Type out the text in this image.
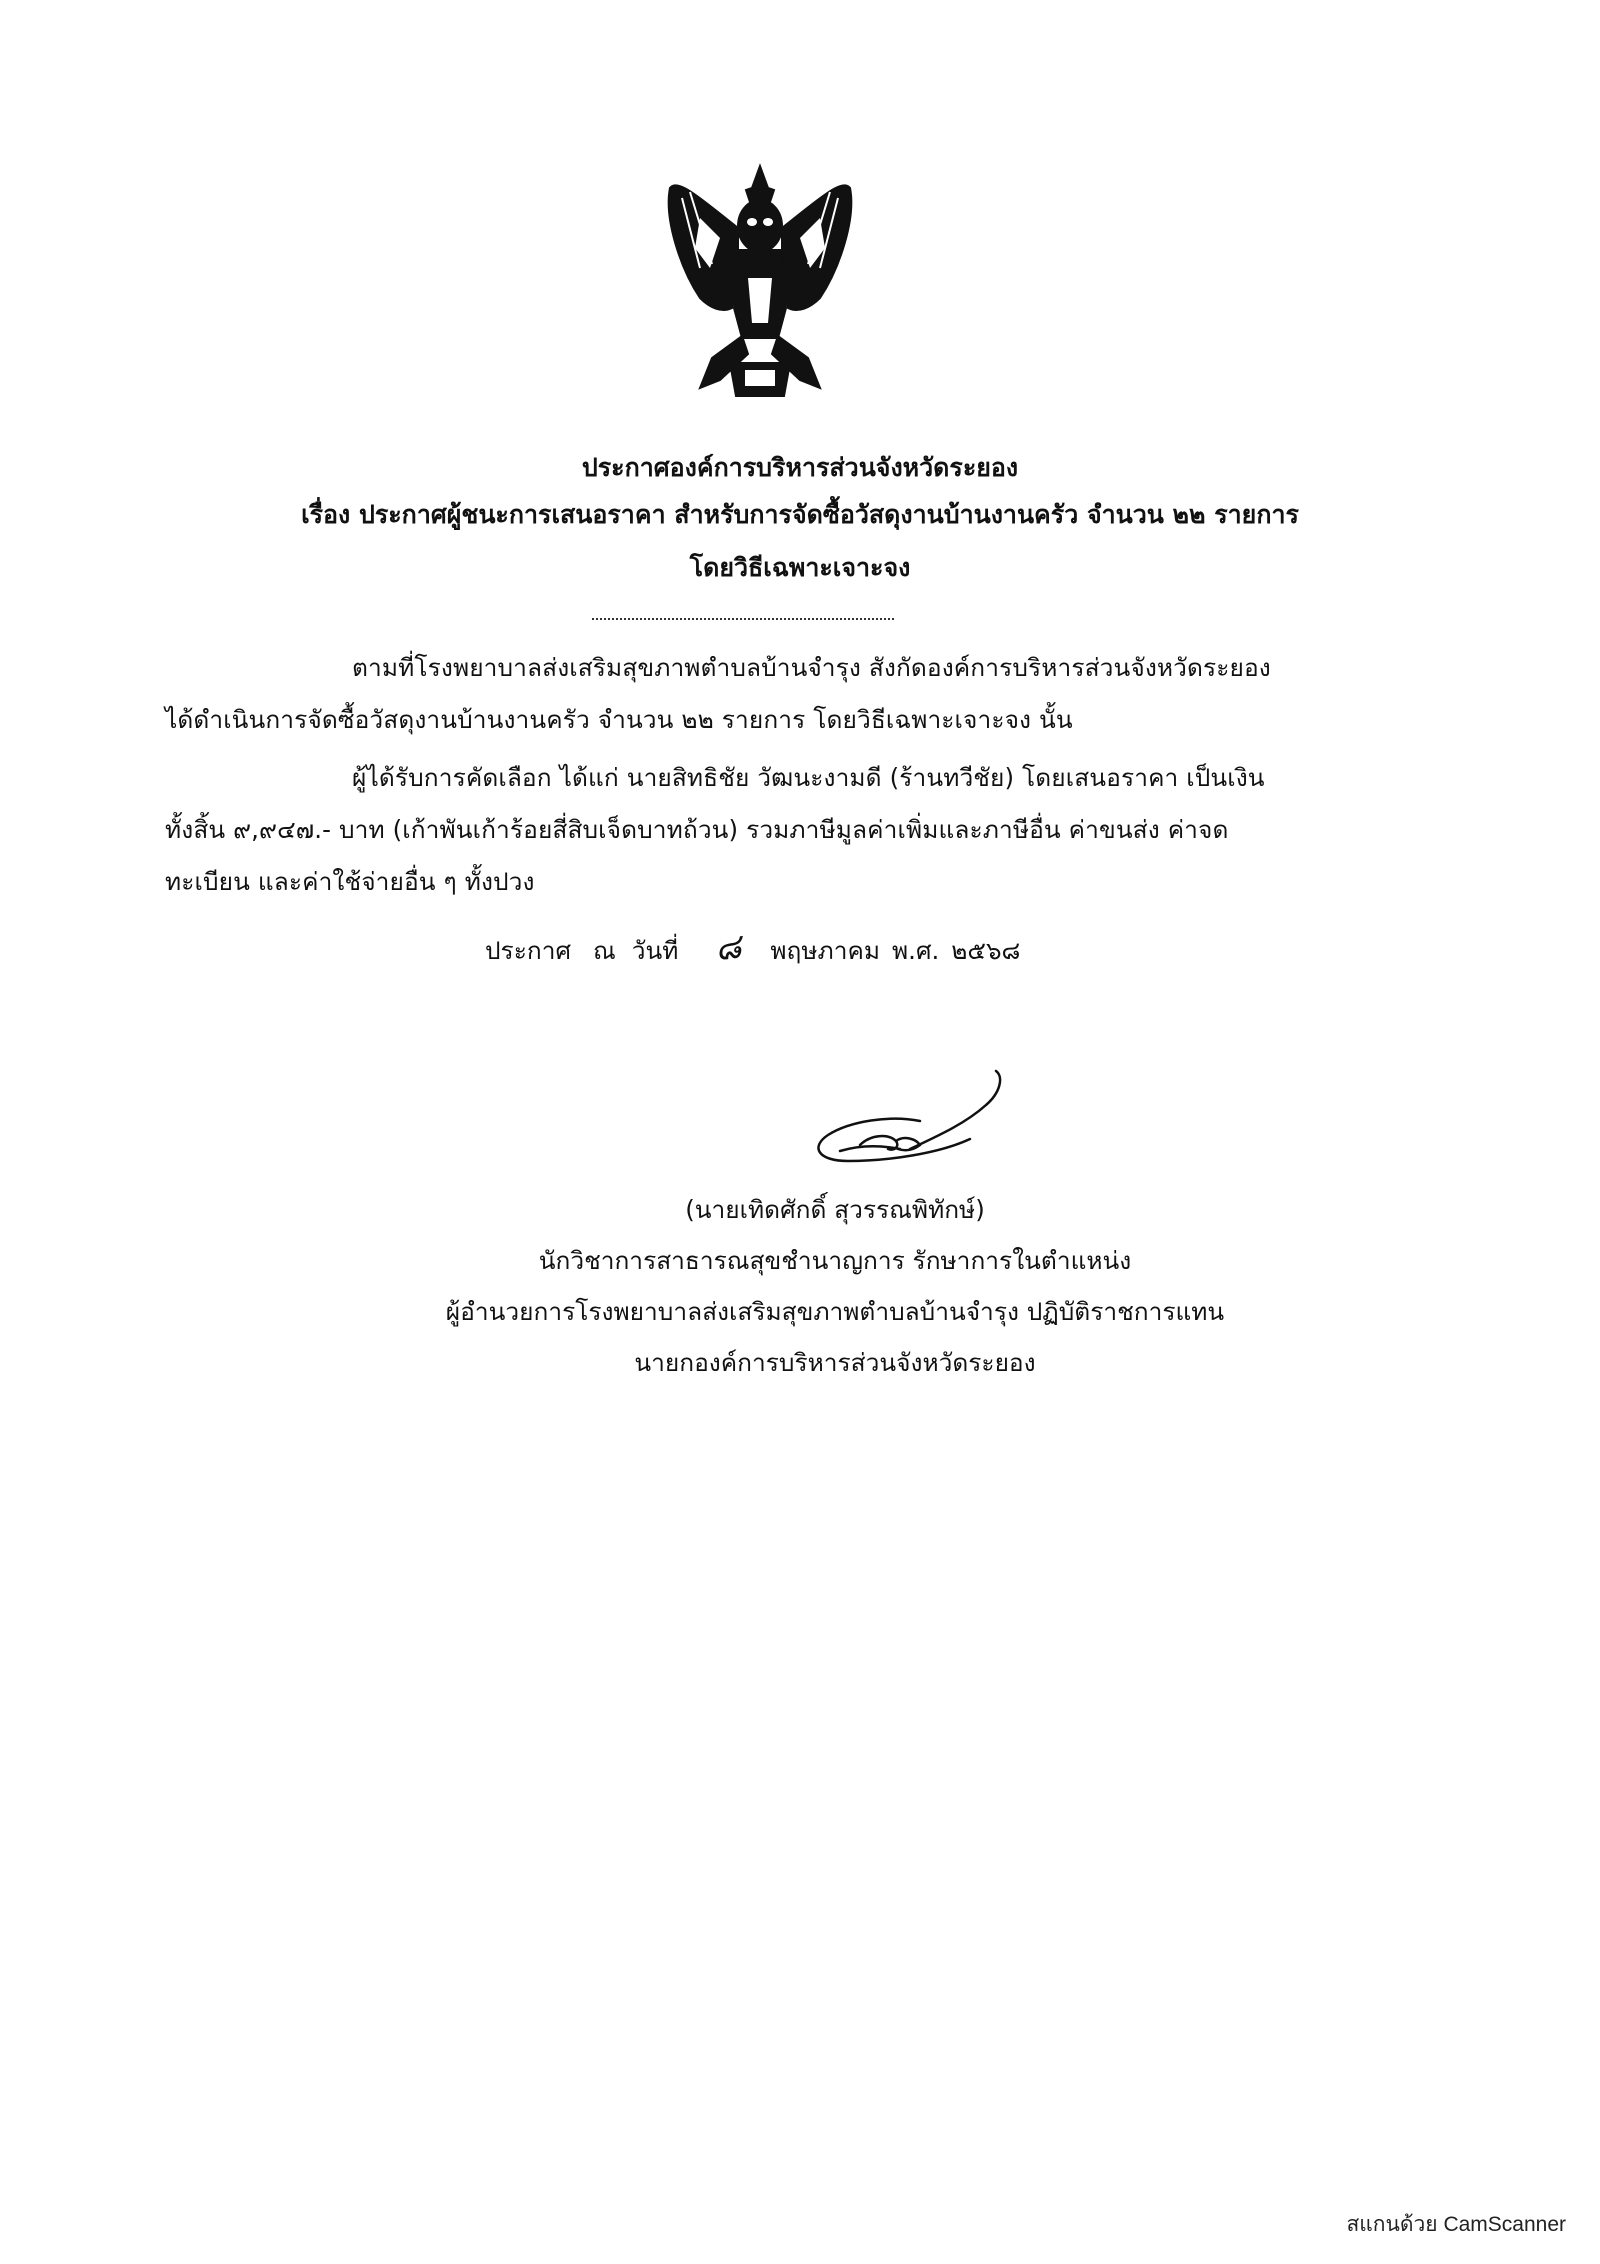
ประกาศองค์การบริหารส่วนจังหวัดระยอง
เรื่อง ประกาศผู้ชนะการเสนอราคา สำหรับการจัดซื้อวัสดุงานบ้านงานครัว จำนวน ๒๒ รายการ
โดยวิธีเฉพาะเจาะจง
ตามที่โรงพยาบาลส่งเสริมสุขภาพตำบลบ้านจำรุง สังกัดองค์การบริหารส่วนจังหวัดระยอง
ได้ดำเนินการจัดซื้อวัสดุงานบ้านงานครัว จำนวน ๒๒ รายการ โดยวิธีเฉพาะเจาะจง นั้น
ผู้ได้รับการคัดเลือก ได้แก่ นายสิทธิชัย วัฒนะงามดี (ร้านทวีชัย) โดยเสนอราคา เป็นเงิน
ทั้งสิ้น ๙,๙๔๗.- บาท (เก้าพันเก้าร้อยสี่สิบเจ็ดบาทถ้วน) รวมภาษีมูลค่าเพิ่มและภาษีอื่น ค่าขนส่ง ค่าจด
ทะเบียน และค่าใช้จ่ายอื่น ๆ ทั้งปวง
ประกาศ ณ วันที่ ๘ พฤษภาคม พ.ศ. ๒๕๖๘
(นายเทิดศักดิ์ สุวรรณพิทักษ์)
นักวิชาการสาธารณสุขชำนาญการ รักษาการในตำแหน่ง
ผู้อำนวยการโรงพยาบาลส่งเสริมสุขภาพตำบลบ้านจำรุง ปฏิบัติราชการแทน
นายกองค์การบริหารส่วนจังหวัดระยอง
สแกนด้วย CamScanner
